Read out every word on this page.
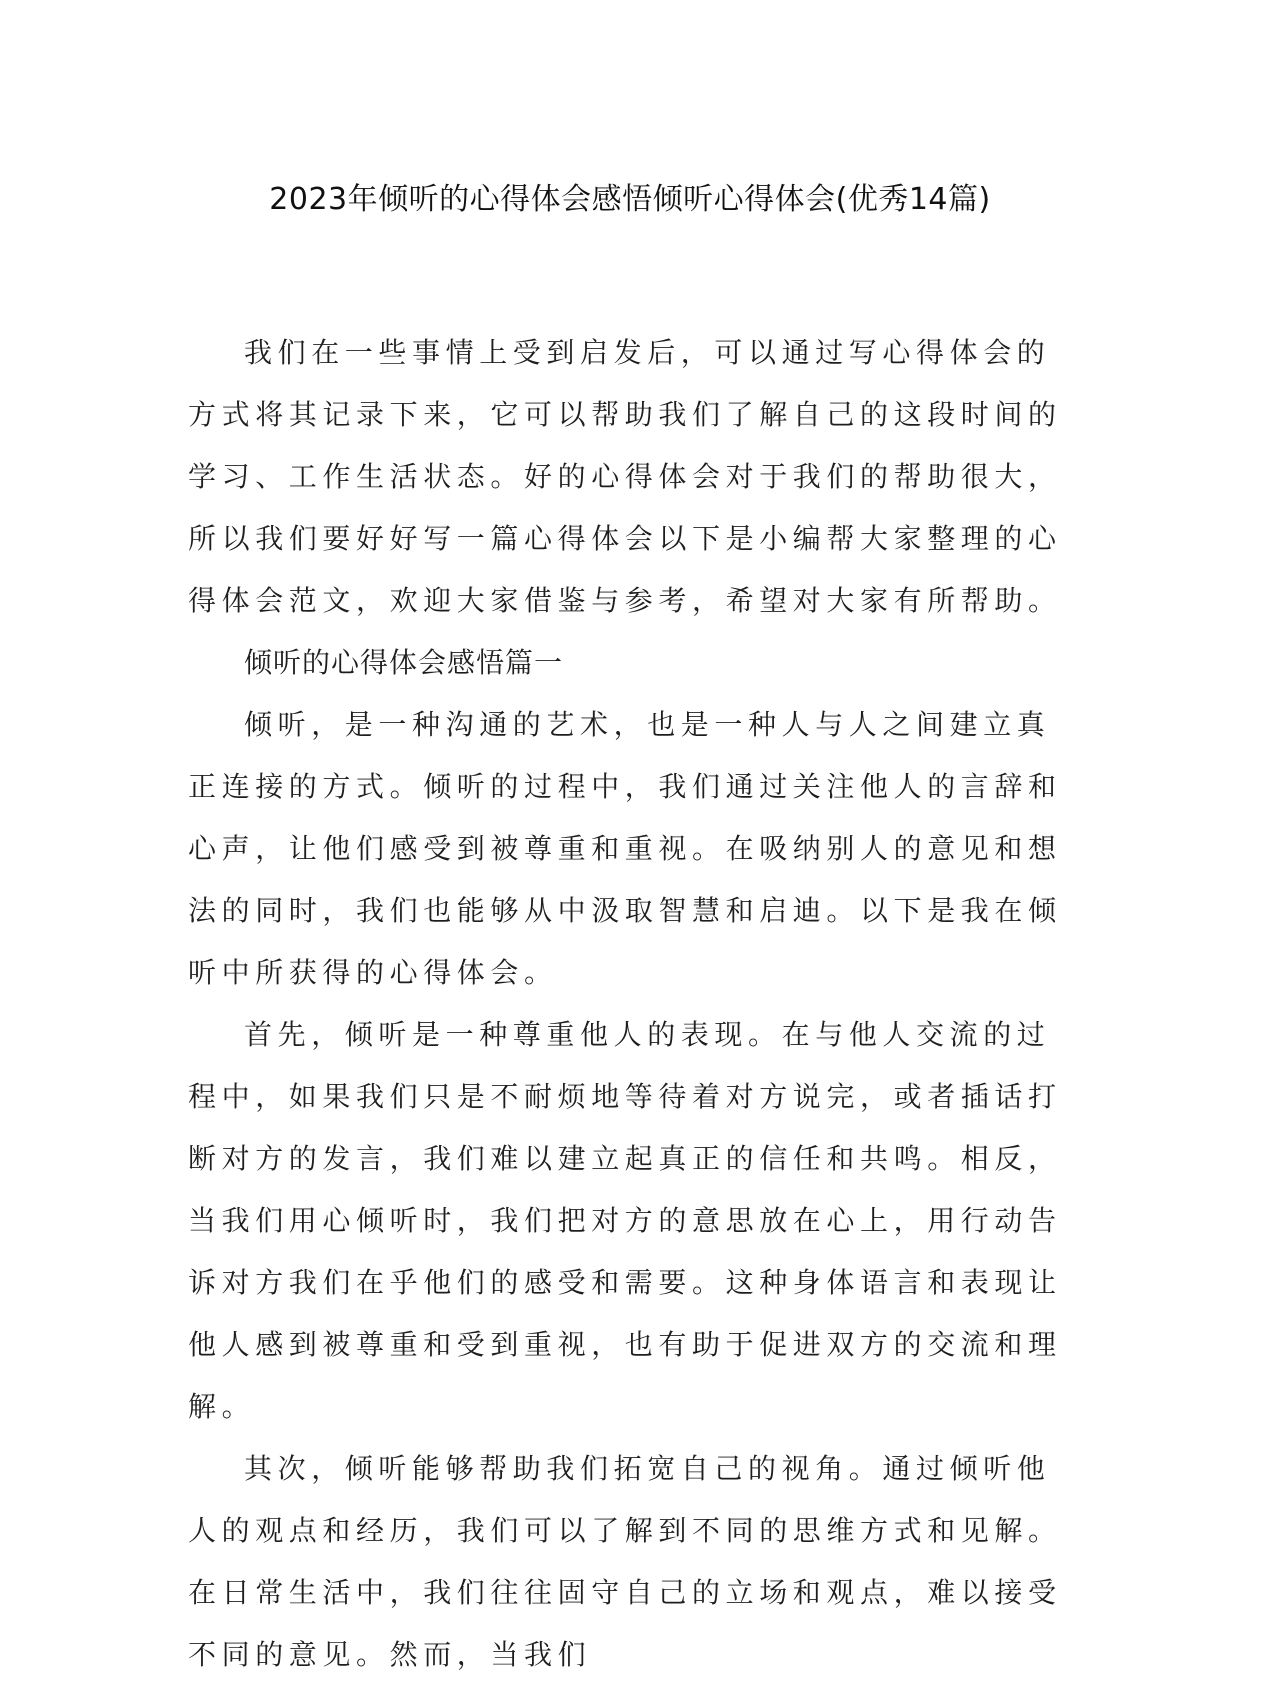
2023年倾听的心得体会感悟倾听心得体会(优秀14篇)

我们在一些事情上受到启发后，可以通过写心得体会的方式将其记录下来，它可以帮助我们了解自己的这段时间的学习、工作生活状态。好的心得体会对于我们的帮助很大，所以我们要好好写一篇心得体会以下是小编帮大家整理的心得体会范文，欢迎大家借鉴与参考，希望对大家有所帮助。

倾听的心得体会感悟篇一

倾听，是一种沟通的艺术，也是一种人与人之间建立真正连接的方式。倾听的过程中，我们通过关注他人的言辞和心声，让他们感受到被尊重和重视。在吸纳别人的意见和想法的同时，我们也能够从中汲取智慧和启迪。以下是我在倾听中所获得的心得体会。

首先，倾听是一种尊重他人的表现。在与他人交流的过程中，如果我们只是不耐烦地等待着对方说完，或者插话打断对方的发言，我们难以建立起真正的信任和共鸣。相反，当我们用心倾听时，我们把对方的意思放在心上，用行动告诉对方我们在乎他们的感受和需要。这种身体语言和表现让他人感到被尊重和受到重视，也有助于促进双方的交流和理解。

其次，倾听能够帮助我们拓宽自己的视角。通过倾听他人的观点和经历，我们可以了解到不同的思维方式和见解。在日常生活中，我们往往固守自己的立场和观点，难以接受不同的意见。然而，当我们
